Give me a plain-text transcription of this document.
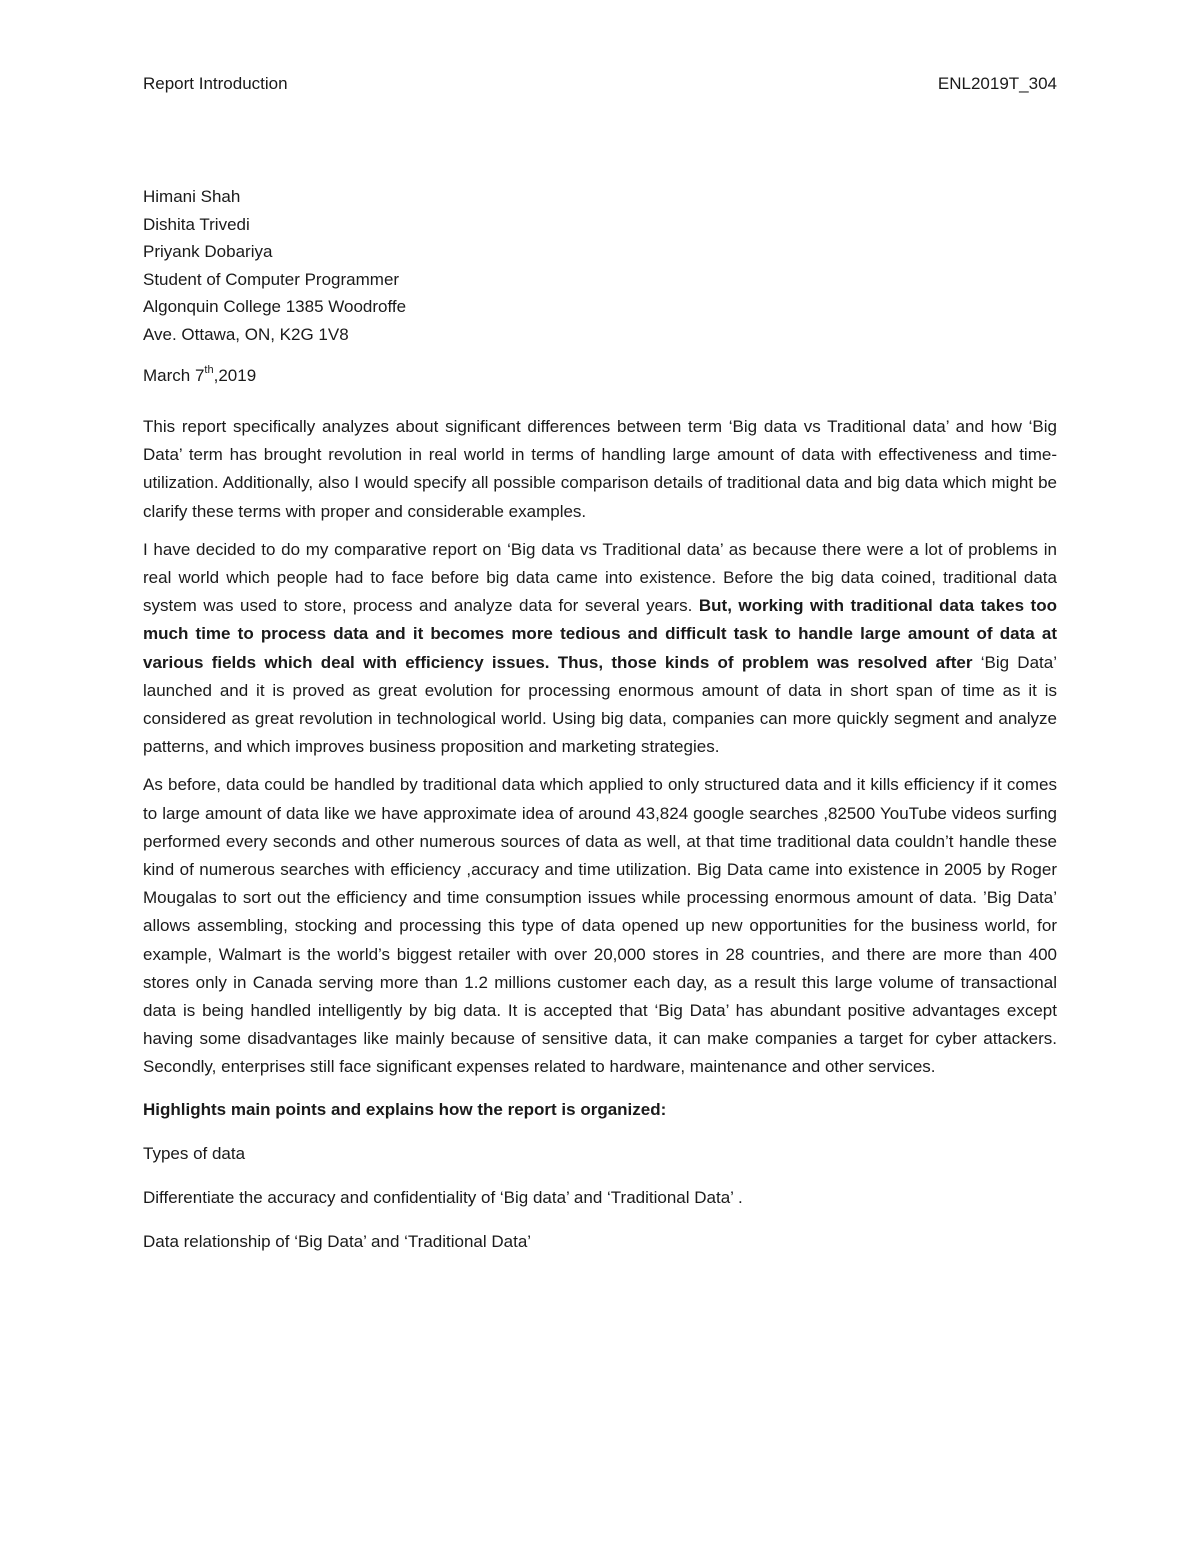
Report Introduction	ENL2019T_304
Himani Shah
Dishita Trivedi
Priyank Dobariya
Student of Computer Programmer
Algonquin College 1385 Woodroffe
Ave. Ottawa, ON, K2G 1V8
March 7th,2019
This report specifically analyzes about significant differences between term ‘Big data vs Traditional data’ and how ‘Big Data’ term has brought revolution in real world in terms of handling large amount of data with effectiveness and time-utilization. Additionally, also I would specify all possible comparison details of traditional data and big data which might be clarify these terms with proper and considerable examples.
I have decided to do my comparative report on ‘Big data vs Traditional data’ as because there were a lot of problems in real world which people had to face before big data came into existence. Before the big data coined, traditional data system was used to store, process and analyze data for several years. But, working with traditional data takes too much time to process data and it becomes more tedious and difficult task to handle large amount of data at various fields which deal with efficiency issues. Thus, those kinds of problem was resolved after ‘Big Data’ launched and it is proved as great evolution for processing enormous amount of data in short span of time as it is considered as great revolution in technological world. Using big data, companies can more quickly segment and analyze patterns, and which improves business proposition and marketing strategies.
As before, data could be handled by traditional data which applied to only structured data and it kills efficiency if it comes to large amount of data like we have approximate idea of around 43,824 google searches ,82500 YouTube videos surfing performed every seconds and other numerous sources of data as well, at that time traditional data couldn’t handle these kind of numerous searches with efficiency ,accuracy and time utilization. Big Data came into existence in 2005 by Roger Mougalas to sort out the efficiency and time consumption issues while processing enormous amount of data. ’Big Data’ allows assembling, stocking and processing this type of data opened up new opportunities for the business world, for example, Walmart is the world’s biggest retailer with over 20,000 stores in 28 countries, and there are more than 400 stores only in Canada serving more than 1.2 millions customer each day, as a result this large volume of transactional data is being handled intelligently by big data. It is accepted that ‘Big Data’ has abundant positive advantages except having some disadvantages like mainly because of sensitive data, it can make companies a target for cyber attackers. Secondly, enterprises still face significant expenses related to hardware, maintenance and other services.
Highlights main points and explains how the report is organized:
Types of data
Differentiate the accuracy and confidentiality of ‘Big data’ and ‘Traditional Data’ .
Data relationship of ‘Big Data’ and ‘Traditional Data’
